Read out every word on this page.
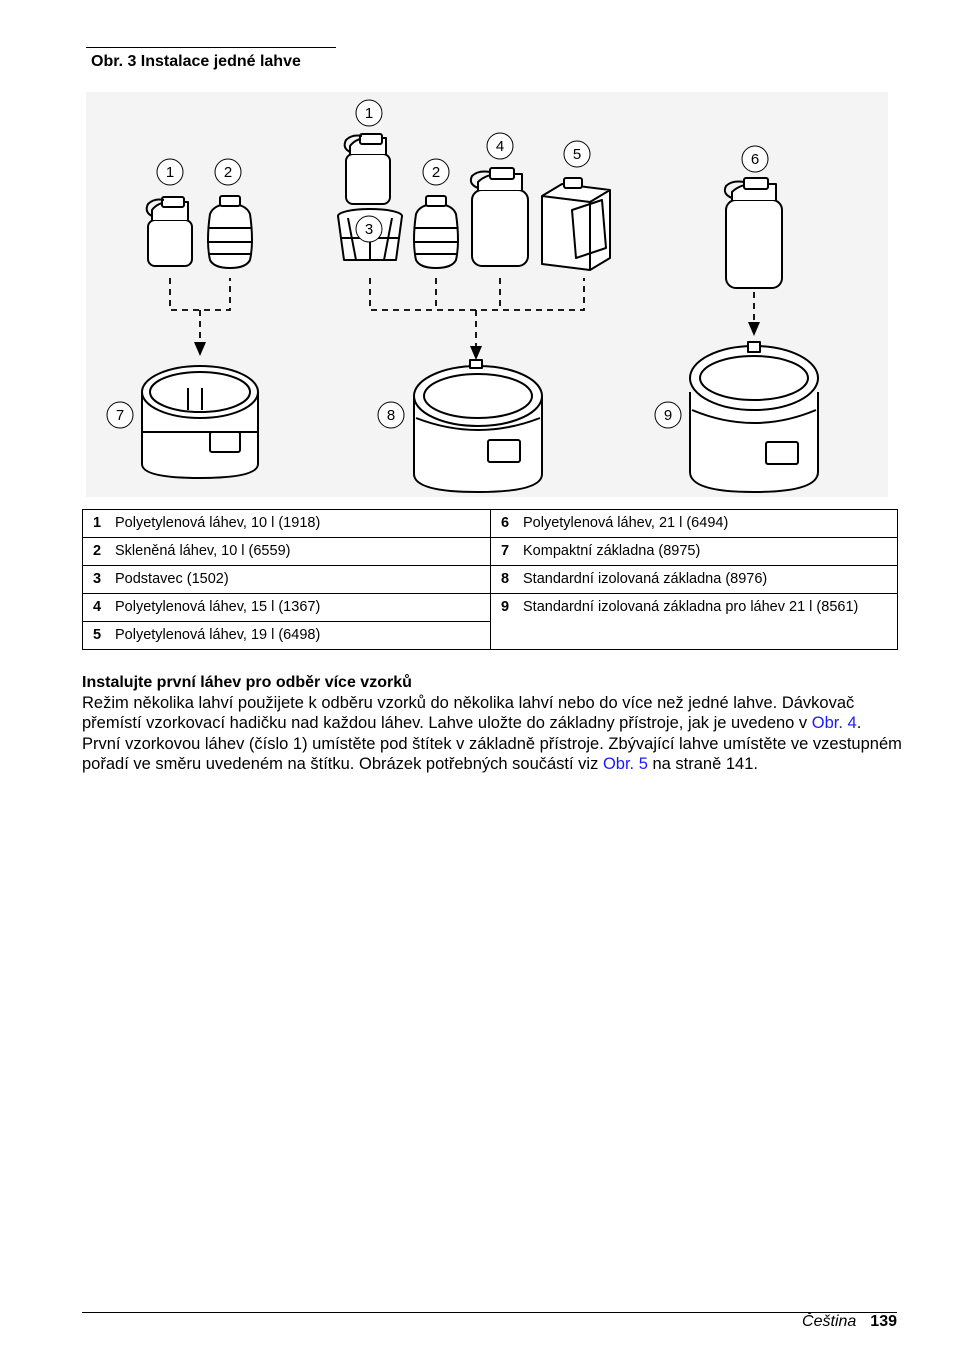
Obr. 3 Instalace jedné lahve
1	2
1
3
2
4	5	6
7	8	9
1 Polyetylenová láhev, 10 l (1918)	6 Polyetylenová láhev, 21 l (6494)
2 Skleněná láhev, 10 l (6559)	7 Kompaktní základna (8975)
3 Podstavec (1502)	8 Standardní izolovaná základna (8976)
4 Polyetylenová láhev, 15 l (1367)	9 Standardní izolovaná základna pro láhev 21 l (8561)
5 Polyetylenová láhev, 19 l (6498)	
Instalujte první láhev pro odběr více vzorků

Režim několika lahví použijete k odběru vzorků do několika lahví nebo do více než jedné lahve. Dávkovač přemístí vzorkovací hadičku nad každou láhev. Lahve uložte do základny přístroje, jak je uvedeno v Obr. 4. První vzorkovou láhev (číslo 1) umístěte pod štítek v základně přístroje. Zbývající lahve umístěte ve vzestupném pořadí ve směru uvedeném na štítku. Obrázek potřebných součástí viz Obr. 5 na straně 141.

Čeština 139
